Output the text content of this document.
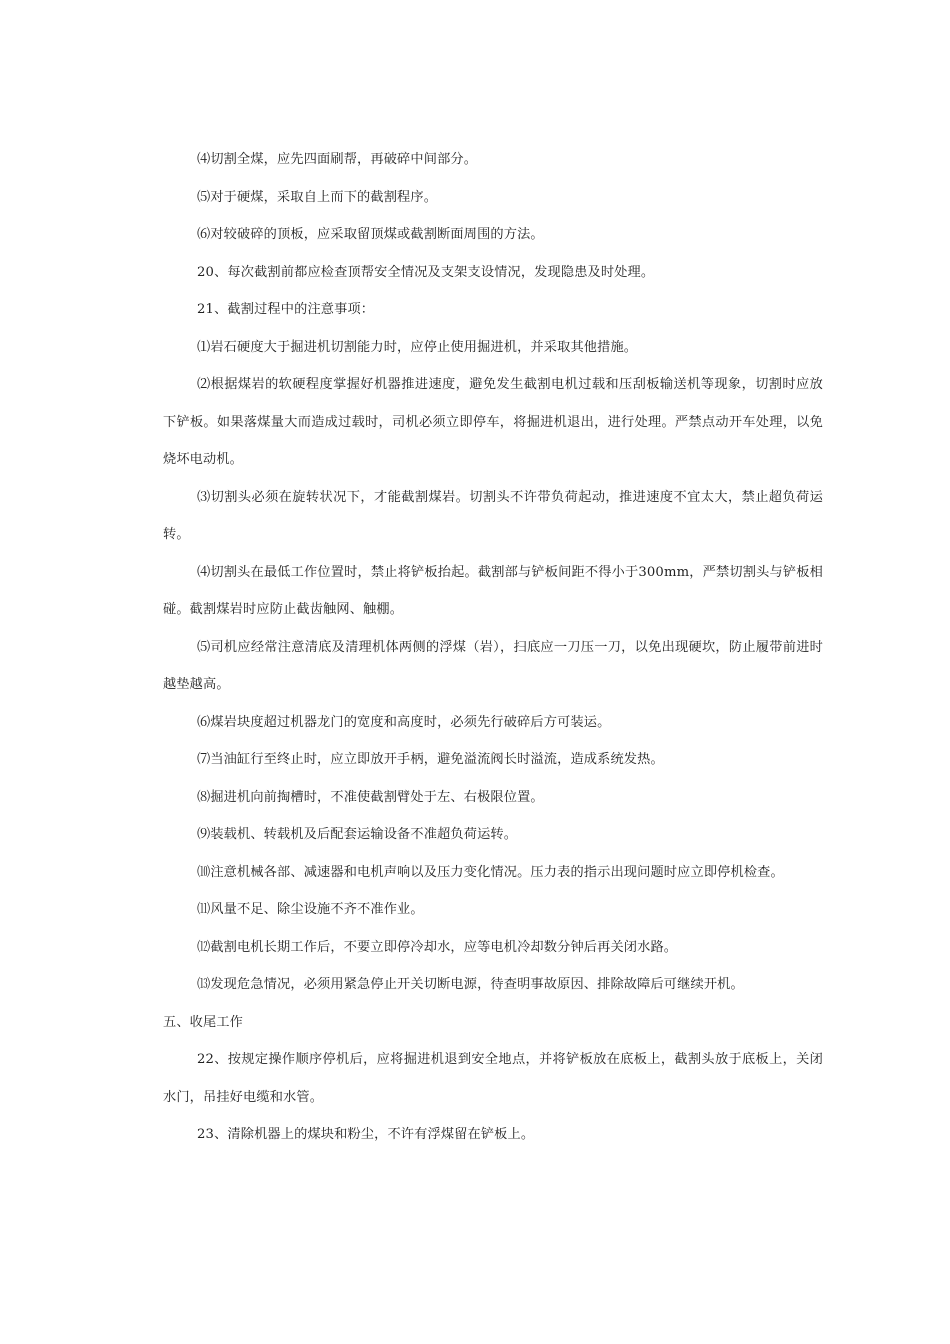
⑷切割全煤，应先四面刷帮，再破碎中间部分。

⑸对于硬煤，采取自上而下的截割程序。

⑹对较破碎的顶板，应采取留顶煤或截割断面周围的方法。

20、每次截割前都应检查顶帮安全情况及支架支设情况，发现隐患及时处理。

21、截割过程中的注意事项：

⑴岩石硬度大于掘进机切割能力时，应停止使用掘进机，并采取其他措施。

⑵根据煤岩的软硬程度掌握好机器推进速度，避免发生截割电机过载和压刮板输送机等现象，切割时应放下铲板。如果落煤量大而造成过载时，司机必须立即停车，将掘进机退出，进行处理。严禁点动开车处理，以免烧坏电动机。

⑶切割头必须在旋转状况下，才能截割煤岩。切割头不许带负荷起动，推进速度不宜太大，禁止超负荷运转。

⑷切割头在最低工作位置时，禁止将铲板抬起。截割部与铲板间距不得小于300mm，严禁切割头与铲板相碰。截割煤岩时应防止截齿触网、触棚。

⑸司机应经常注意清底及清理机体两侧的浮煤（岩），扫底应一刀压一刀，以免出现硬坎，防止履带前进时越垫越高。

⑹煤岩块度超过机器龙门的宽度和高度时，必须先行破碎后方可装运。

⑺当油缸行至终止时，应立即放开手柄，避免溢流阀长时溢流，造成系统发热。

⑻掘进机向前掏槽时，不准使截割臂处于左、右极限位置。

⑼装载机、转载机及后配套运输设备不准超负荷运转。

⑽注意机械各部、减速器和电机声响以及压力变化情况。压力表的指示出现问题时应立即停机检查。

⑾风量不足、除尘设施不齐不准作业。

⑿截割电机长期工作后，不要立即停冷却水，应等电机冷却数分钟后再关闭水路。

⒀发现危急情况，必须用紧急停止开关切断电源，待查明事故原因、排除故障后可继续开机。

五、收尾工作

22、按规定操作顺序停机后，应将掘进机退到安全地点，并将铲板放在底板上，截割头放于底板上，关闭水门，吊挂好电缆和水管。

23、清除机器上的煤块和粉尘，不许有浮煤留在铲板上。
